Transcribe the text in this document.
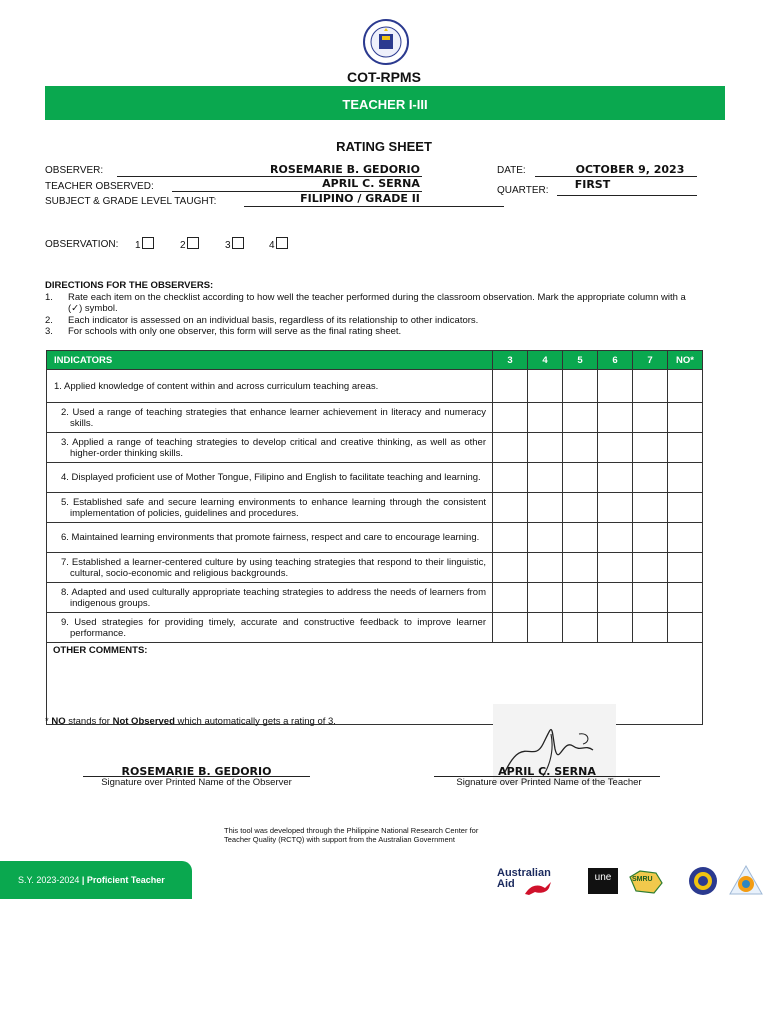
COT-RPMS
TEACHER I-III
RATING SHEET
OBSERVER:	ROSEMARIE B. GEDORIO
TEACHER OBSERVED:	APRIL C. SERNA
SUBJECT & GRADE LEVEL TAUGHT:	FILIPINO / GRADE II
DATE:	OCTOBER 9, 2023
QUARTER:	FIRST
OBSERVATION: 1	2	3	4
DIRECTIONS FOR THE OBSERVERS:
1.	Rate each item on the checklist according to how well the teacher performed during the classroom observation. Mark the appropriate column with a (✓) symbol.
2.	Each indicator is assessed on an individual basis, regardless of its relationship to other indicators.
3.	For schools with only one observer, this form will serve as the final rating sheet.
INDICATORS	3	4	5	6	7	NO*
1. Applied knowledge of content within and across curriculum teaching areas.						

2. Used a range of teaching strategies that enhance learner achievement in literacy and numeracy skills.						

3. Applied a range of teaching strategies to develop critical and creative thinking, as well as other higher-order thinking skills.						

4. Displayed proficient use of Mother Tongue, Filipino and English to facilitate teaching and learning.						

5. Established safe and secure learning environments to enhance learning through the consistent implementation of policies, guidelines and procedures.						

6. Maintained learning environments that promote fairness, respect and care to encourage learning.						

7. Established a learner-centered culture by using teaching strategies that respond to their linguistic, cultural, socio-economic and religious backgrounds.						

8. Adapted and used culturally appropriate teaching strategies to address the needs of learners from indigenous groups.						

9. Used strategies for providing timely, accurate and constructive feedback to improve learner performance.						

OTHER COMMENTS:						
* NO stands for Not Observed which automatically gets a rating of 3.
ROSEMARIE B. GEDORIO
Signature over Printed Name of the Observer
APRIL C. SERNA
Signature over Printed Name of the Teacher
This tool was developed through the Philippine National Research Center for Teacher Quality (RCTQ) with support from the Australian Government
S.Y. 2023-2024 | Proficient Teacher
Australian
Aid
une	SMRU
